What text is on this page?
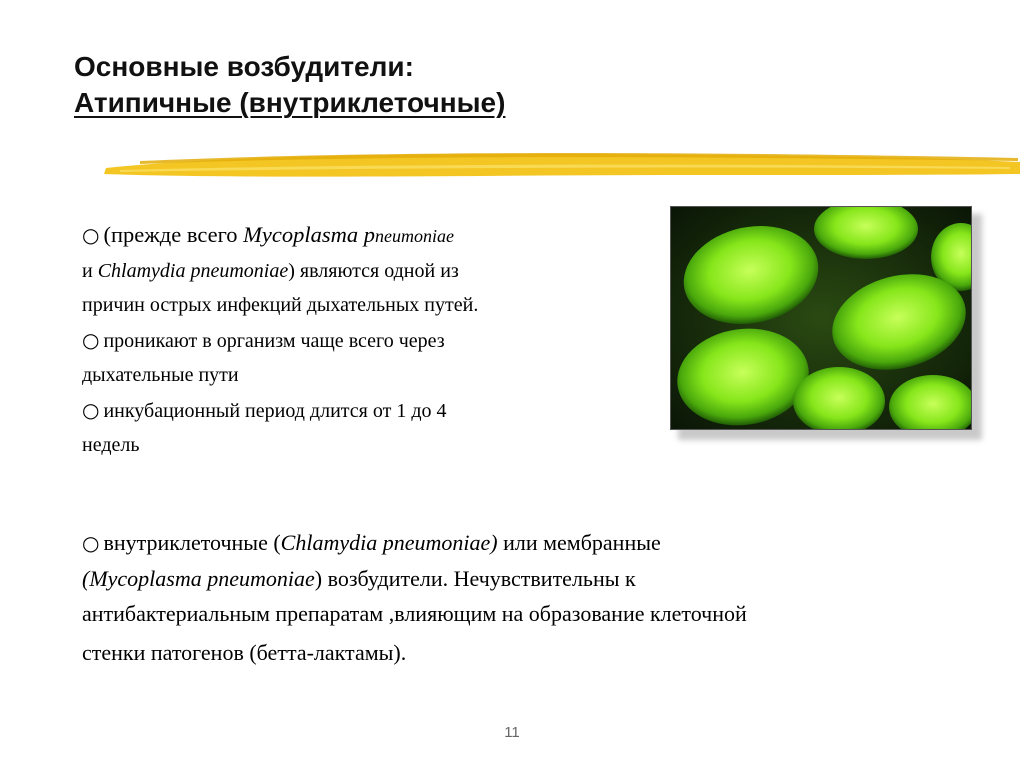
Основные возбудители:
Атипичные (внутриклеточные)
○ (прежде всего Mycoplasma pneumoniae
и Chlamydia pneumoniae) являются одной из
причин острых инфекций дыхательных путей.
○ проникают в организм чаще всего через
дыхательные пути
○ инкубационный период длится от 1 до 4
недель
○ внутриклеточные (Chlamydia pneumoniae) или мембранные
(Mycoplasma pneumoniae) возбудители. Нечувствительны к
антибактериальным препаратам ,влияющим на образование клеточной
стенки патогенов (бетта-лактамы).
11
